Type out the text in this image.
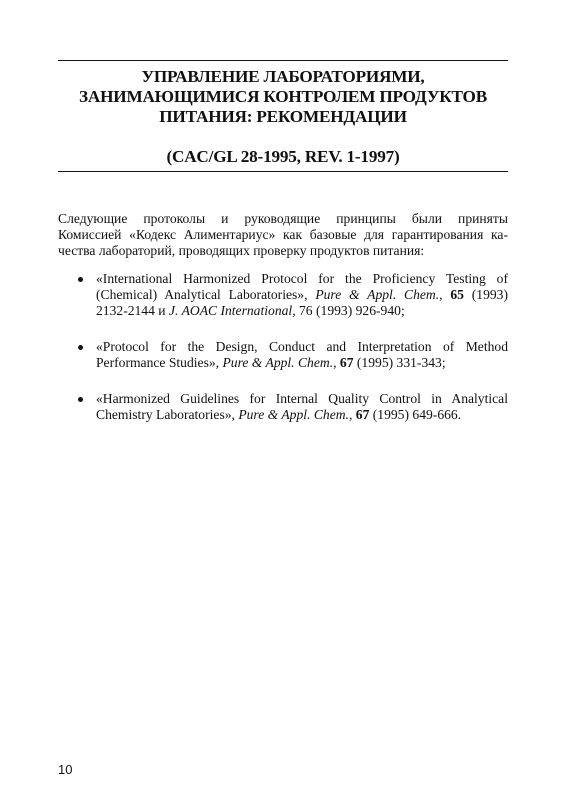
УПРАВЛЕНИЕ ЛАБОРАТОРИЯМИ,
ЗАНИМАЮЩИМИСЯ КОНТРОЛЕМ ПРОДУКТОВ
ПИТАНИЯ: РЕКОМЕНДАЦИИ
(CAC/GL 28-1995, REV. 1-1997)
Следующие протоколы и руководящие принципы были приняты
Комиссией «Кодекс Алиментариус» как базовые для гарантирования ка-
чества лабораторий, проводящих проверку продуктов питания:
«International Harmonized Protocol for the Proficiency Testing of
(Chemical) Analytical Laboratories», Pure & Appl. Chem., 65 (1993)
2132-2144 и J. AOAC International, 76 (1993) 926-940;
«Protocol for the Design, Conduct and Interpretation of Method
Performance Studies», Pure & Appl. Chem., 67 (1995) 331-343;
«Harmonized Guidelines for Internal Quality Control in Analytical
Chemistry Laboratories», Pure & Appl. Chem., 67 (1995) 649-666.
10
